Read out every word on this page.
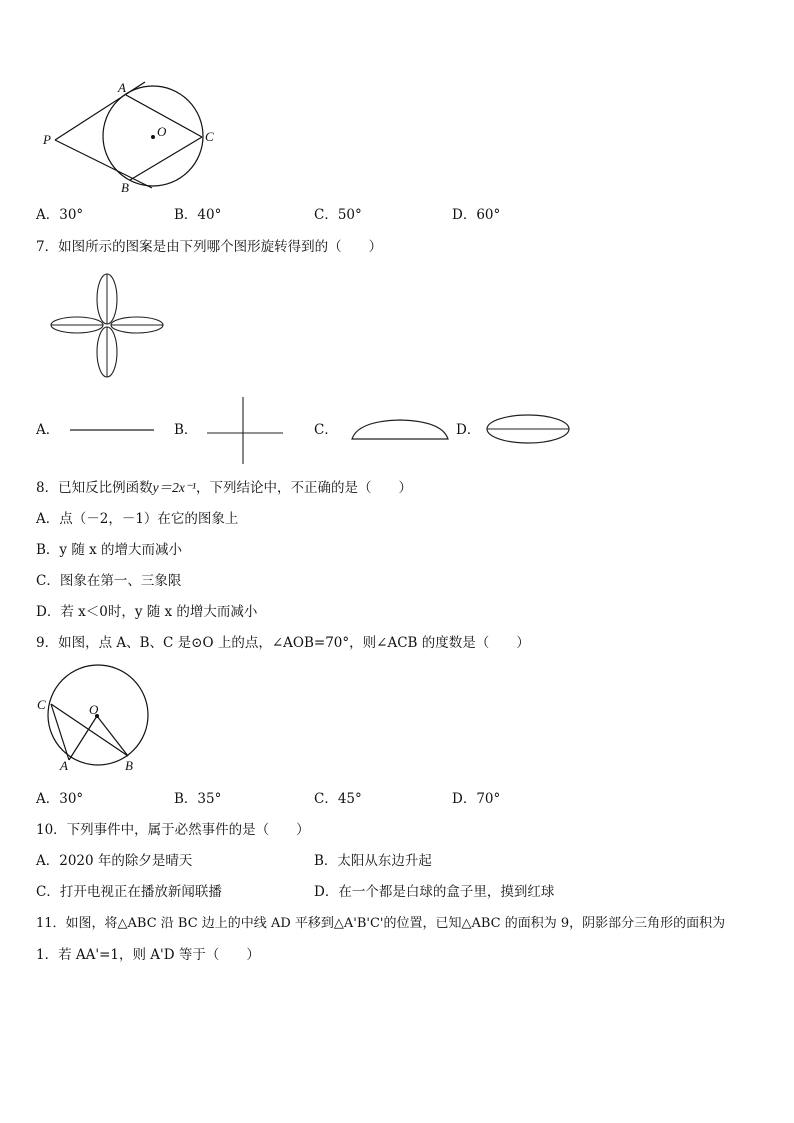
A
O
P	C
B
A．30°	B．40°	C．50°	D．60°
7．如图所示的图案是由下列哪个图形旋转得到的（　　）
A．	B．	C．	D．
8．已知反比例函数y＝2x⁻¹，下列结论中，不正确的是（　　）
A．点（－2，－1）在它的图象上
B．y 随 x 的增大而减小
C．图象在第一、三象限
D．若 x＜0时，y 随 x 的增大而减小
9．如图，点 A、B、C 是⊙O 上的点，∠AOB=70°，则∠ACB 的度数是（　　）
C	O
A	B
A．30°	B．35°	C．45°	D．70°
10．下列事件中，属于必然事件的是（　　）
A．2020 年的除夕是晴天	B．太阳从东边升起
C．打开电视正在播放新闻联播	D．在一个都是白球的盒子里，摸到红球
11．如图，将△ABC 沿 BC 边上的中线 AD 平移到△A'B'C'的位置，已知△ABC 的面积为 9，阴影部分三角形的面积为
1．若 AA'=1，则 A'D 等于（　　）
